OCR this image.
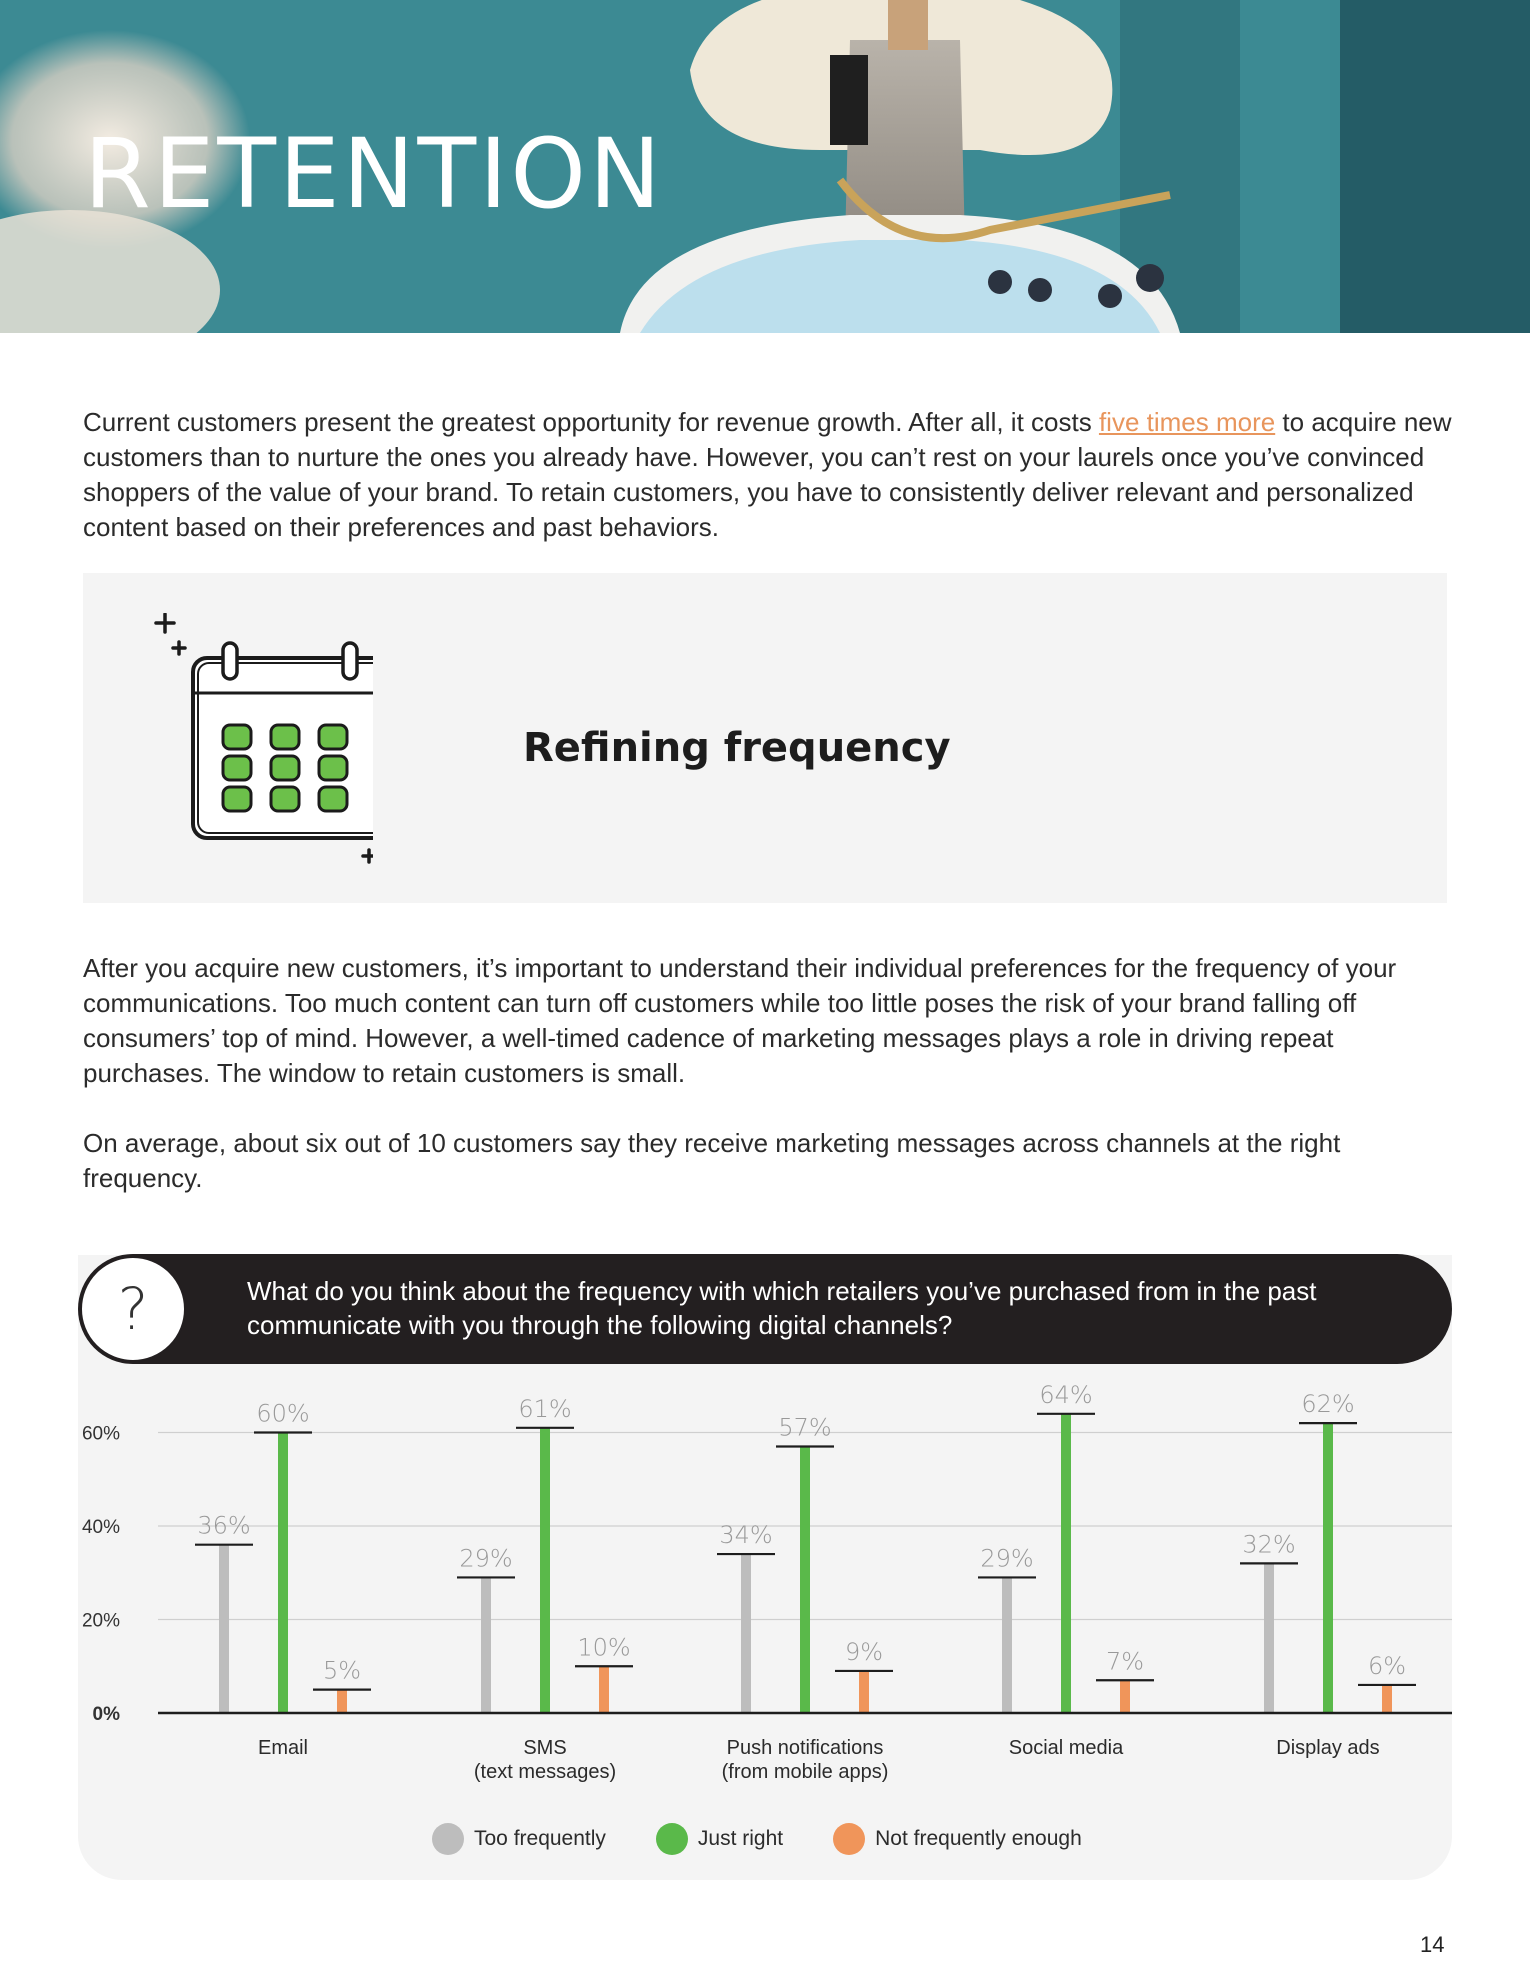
RETENTION

Current customers present the greatest opportunity for revenue growth. After all, it costs five times more to acquire new customers than to nurture the ones you already have. However, you can’t rest on your laurels once you’ve convinced shoppers of the value of your brand. To retain customers, you have to consistently deliver relevant and personalized content based on their preferences and past behaviors.

Refining frequency

After you acquire new customers, it’s important to understand their individual preferences for the frequency of your communications. Too much content can turn off customers while too little poses the risk of your brand falling off consumers’ top of mind. However, a well-timed cadence of marketing messages plays a role in driving repeat purchases. The window to retain customers is small.

On average, about six out of 10 customers say they receive marketing messages across channels at the right frequency.

?	What do you think about the frequency with which retailers you’ve purchased from in the past communicate with you through the following digital channels?
0%
20%
40%
60%
36%
29%
34%
29%
32%
60%	61%
57%
64%	62%
5%
10%	9%	7%	6%
Email	SMS
(text messages)
Push notifications
(from mobile apps)
Social media	Display ads
Too frequently	Just right	Not frequently enough
14
